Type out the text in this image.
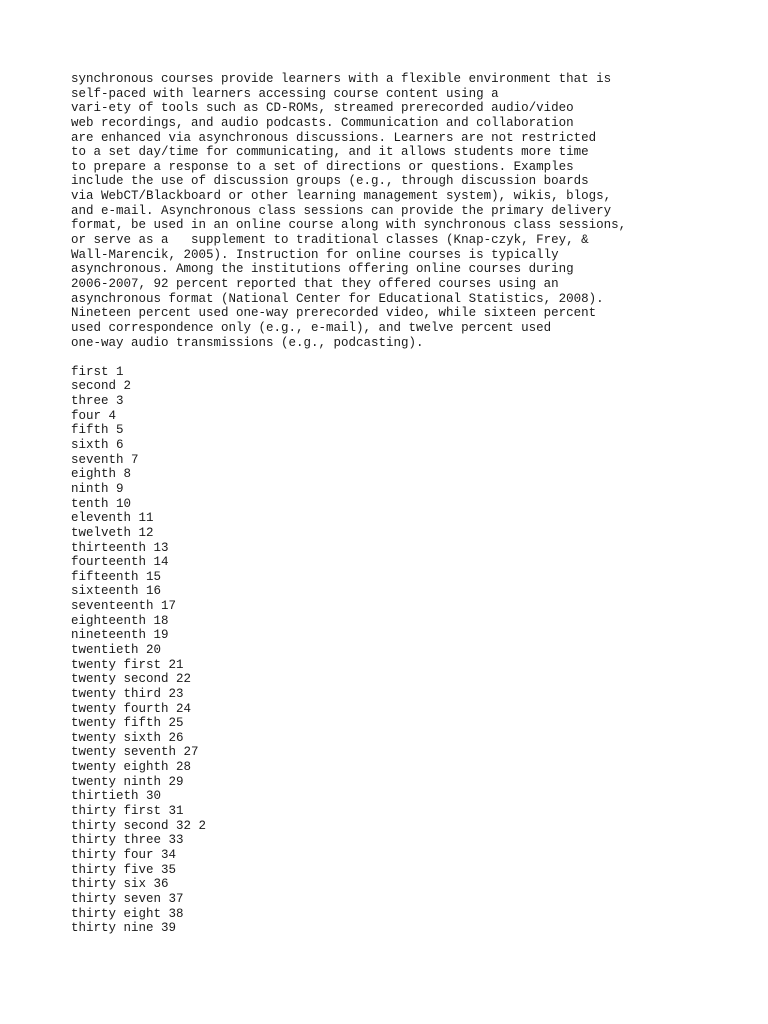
synchronous courses provide learners with a flexible environment that is
self-paced with learners accessing course content using a
vari-ety of tools such as CD-ROMs, streamed prerecorded audio/video
web recordings, and audio podcasts. Communication and collaboration
are enhanced via asynchronous discussions. Learners are not restricted
to a set day/time for communicating, and it allows students more time
to prepare a response to a set of directions or questions. Examples
include the use of discussion groups (e.g., through discussion boards
via WebCT/Blackboard or other learning management system), wikis, blogs,
and e-mail. Asynchronous class sessions can provide the primary delivery
format, be used in an online course along with synchronous class sessions,
or serve as a   supplement to traditional classes (Knap-czyk, Frey, &
Wall-Marencik, 2005). Instruction for online courses is typically
asynchronous. Among the institutions offering online courses during
2006-2007, 92 percent reported that they offered courses using an
asynchronous format (National Center for Educational Statistics, 2008).
Nineteen percent used one-way prerecorded video, while sixteen percent
used correspondence only (e.g., e-mail), and twelve percent used
one-way audio transmissions (e.g., podcasting).
first 1
second 2
three 3
four 4
fifth 5
sixth 6
seventh 7
eighth 8
ninth 9
tenth 10
eleventh 11
twelveth 12
thirteenth 13
fourteenth 14
fifteenth 15
sixteenth 16
seventeenth 17
eighteenth 18
nineteenth 19
twentieth 20
twenty first 21
twenty second 22
twenty third 23
twenty fourth 24
twenty fifth 25
twenty sixth 26
twenty seventh 27
twenty eighth 28
twenty ninth 29
thirtieth 30
thirty first 31
thirty second 32 2
thirty three 33
thirty four 34
thirty five 35
thirty six 36
thirty seven 37
thirty eight 38
thirty nine 39
